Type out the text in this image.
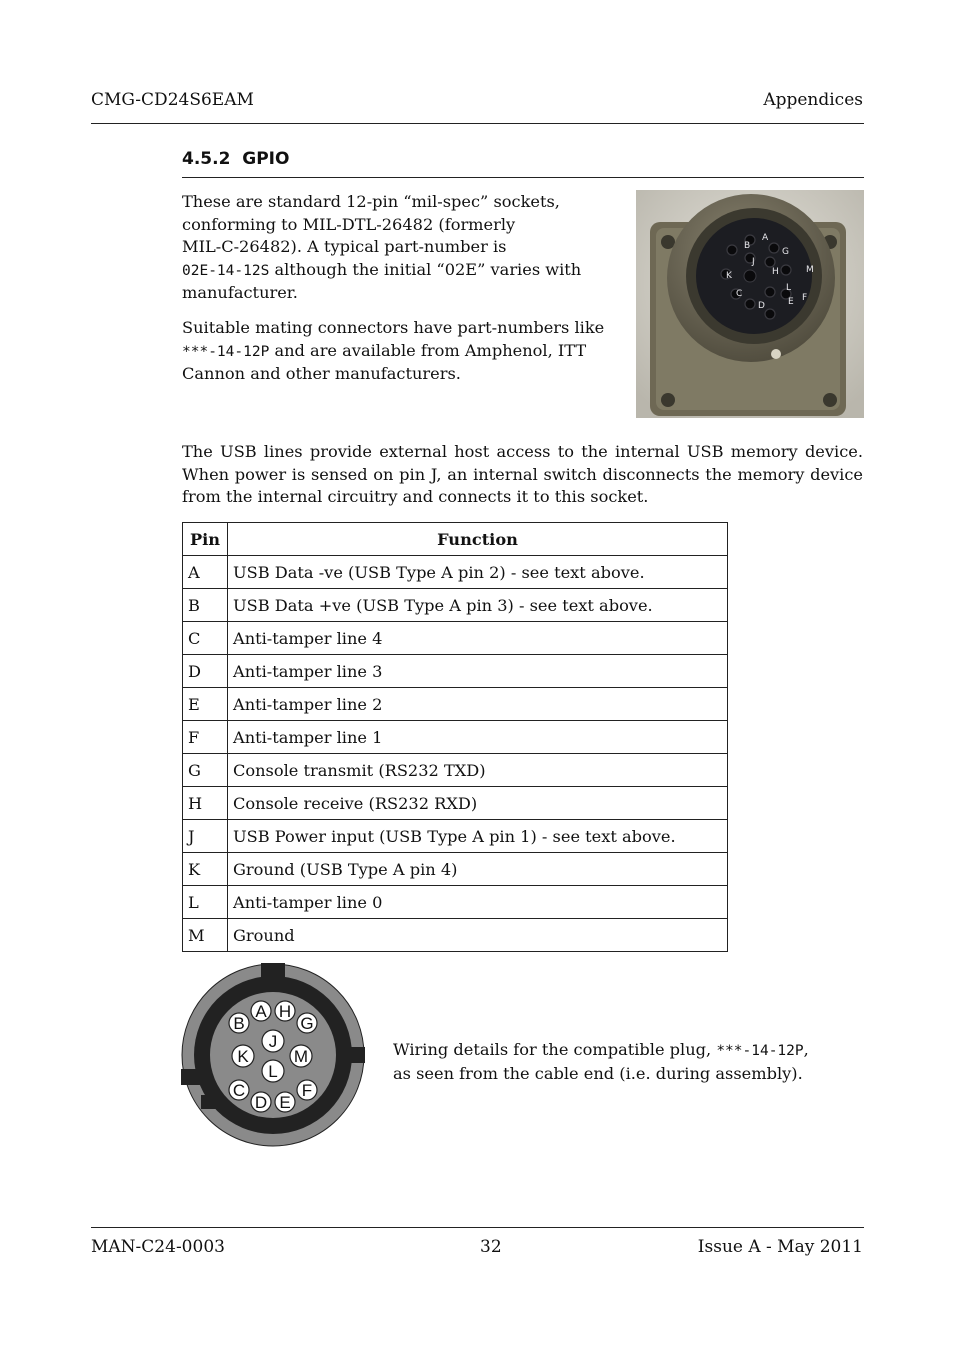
CMG-CD24S6EAM	Appendices
4.5.2 GPIO
These are standard 12-pin “mil-spec” sockets,
conforming to MIL-DTL-26482 (formerly
MIL-C-26482). A typical part-number is
02E-14-12S although the initial “02E” varies with
manufacturer.
Suitable mating connectors have part-numbers like
***-14-12P and are available from Amphenol, ITT
Cannon and other manufacturers.
A
B
G
J
K
M
H
C
L
F
D	E
The USB lines provide external host access to the internal USB memory device. When power is sensed on pin J, an internal switch disconnects the memory device from the internal circuitry and connects it to this socket.
Pin	Function
A	USB Data -ve (USB Type A pin 2) - see text above.
B	USB Data +ve (USB Type A pin 3) - see text above.
C	Anti-tamper line 4
D	Anti-tamper line 3
E	Anti-tamper line 2
F	Anti-tamper line 1
G	Console transmit (RS232 TXD)
H	Console receive (RS232 RXD)
J	USB Power input (USB Type A pin 1) - see text above.
K	Ground (USB Type A pin 4)
L	Anti-tamper line 0
M	Ground
A H
B	G
J
K	M
L
C	F
D E
Wiring details for the compatible plug, ***-14-12P,
as seen from the cable end (i.e. during assembly).
MAN-C24-0003	32	Issue A - May 2011
